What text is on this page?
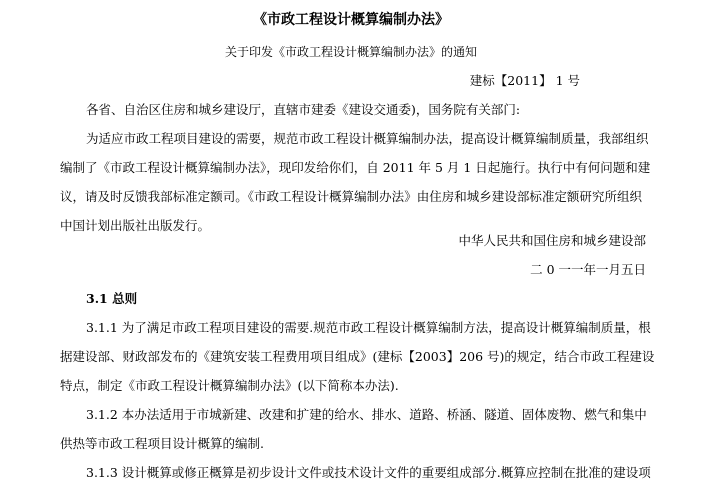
《市政工程设计概算编制办法》
关于印发《市政工程设计概算编制办法》的通知
建标【2011】 1 号
各省、自治区住房和城乡建设厅，直辖市建委《建设交通委)，国务院有关部门:
为适应市政工程项目建设的需要，规范市政工程设计概算编制办法，提高设计概算编制质量，我部组织
编制了《市政工程设计概算编制办法》，现印发给你们，自 2011 年 5 月 1 日起施行。执行中有何问题和建
议，请及时反馈我部标准定额司。《市政工程设计概算编制办法》由住房和城乡建设部标准定额研究所组织
中国计划出版社出版发行。
中华人民共和国住房和城乡建设部
二 0 一一年一月五日
3.1 总则
3.1.1 为了满足市政工程项目建设的需要.规范市政工程设计概算编制方法，提高设计概算编制质量，根
据建设部、财政部发布的《建筑安装工程费用项目组成》(建标【2003】206 号)的规定，结合市政工程建设
特点，制定《市政工程设计概算编制办法》(以下简称本办法).
3.1.2 本办法适用于市城新建、改建和扩建的给水、排水、道路、桥涵、隧道、固体废物、燃气和集中
供热等市政工程项目设计概算的编制.
3.1.3 设计概算或修正概算是初步设计文件或技术设计文件的重要组成部分.概算应控制在批准的建设项
